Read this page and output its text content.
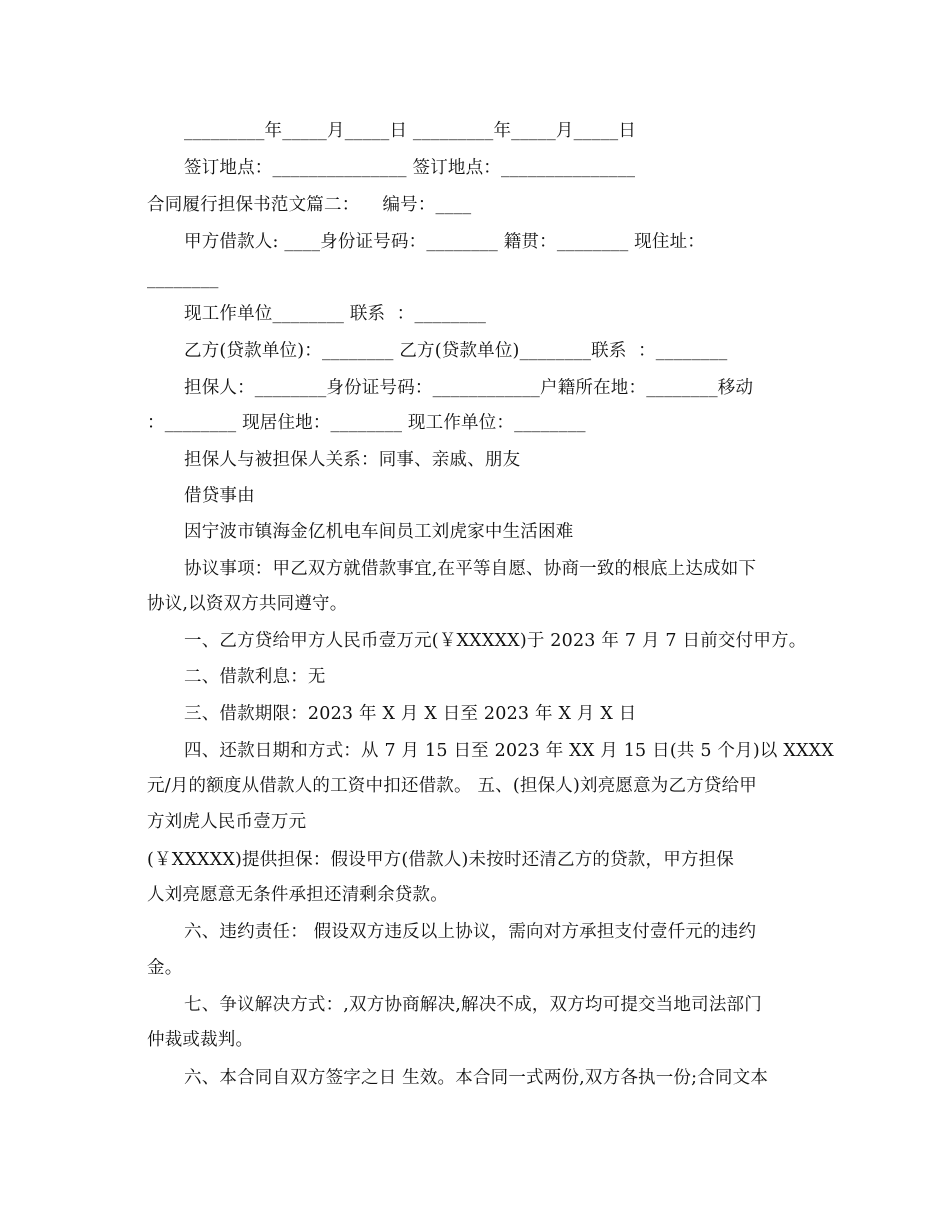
_________年_____月_____日 _________年_____月_____日
签订地点：_______________ 签订地点：_______________
合同履行担保书范文篇二：    编号：____
甲方借款人: ____身份证号码：________ 籍贯：________ 现住址：
________
现工作单位________ 联系  ：________
乙方(贷款单位)：________ 乙方(贷款单位)________联系  ：________
担保人：________身份证号码：____________户籍所在地：________移动
：________ 现居住地：________ 现工作单位：________
担保人与被担保人关系：同事、亲戚、朋友
借贷事由
因宁波市镇海金亿机电车间员工刘虎家中生活困难
协议事项：甲乙双方就借款事宜,在平等自愿、协商一致的根底上达成如下
协议,以资双方共同遵守。
一、乙方贷给甲方人民币壹万元(￥XXXXX)于 2023 年 7 月 7 日前交付甲方。
二、借款利息：无
三、借款期限：2023 年 X 月 X 日至 2023 年 X 月 X 日
四、还款日期和方式：从 7 月 15 日至 2023 年 XX 月 15 日(共 5 个月)以 XXXX
元/月的额度从借款人的工资中扣还借款。 五、(担保人)刘亮愿意为乙方贷给甲
方刘虎人民币壹万元
(￥XXXXX)提供担保：假设甲方(借款人)未按时还清乙方的贷款，甲方担保
人刘亮愿意无条件承担还清剩余贷款。
六、违约责任： 假设双方违反以上协议，需向对方承担支付壹仟元的违约
金。
七、争议解决方式：,双方协商解决,解决不成，双方均可提交当地司法部门
仲裁或裁判。
六、本合同自双方签字之日 生效。本合同一式两份,双方各执一份;合同文本
